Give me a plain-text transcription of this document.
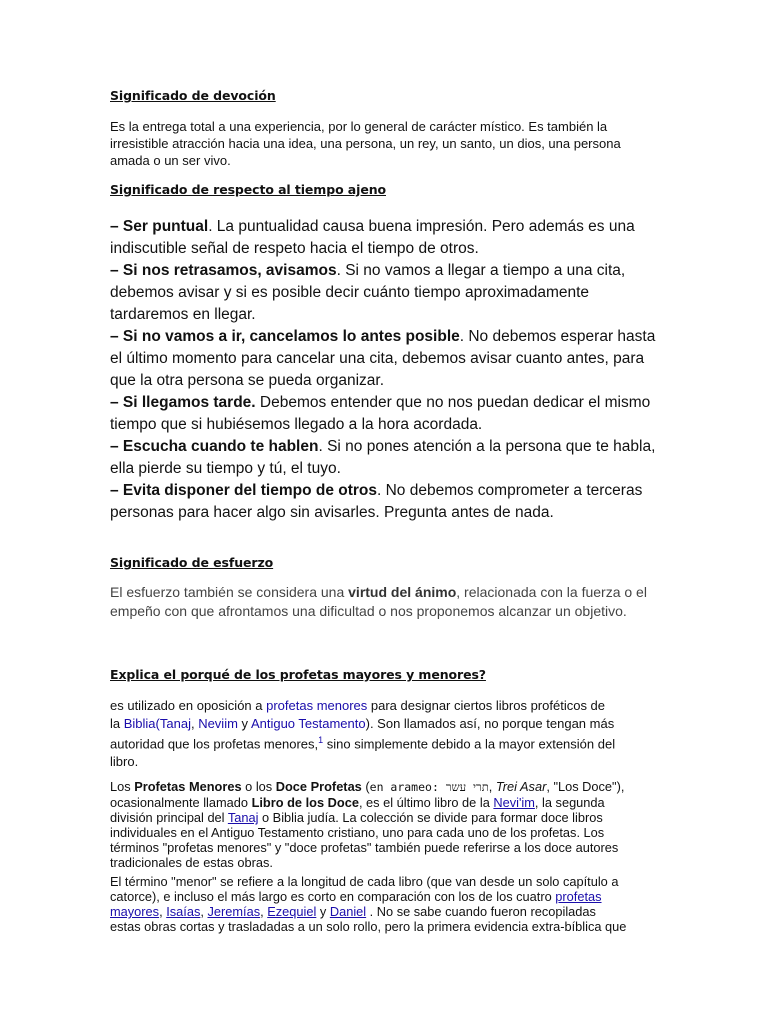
Significado de devoción
Es la entrega total a una experiencia, por lo general de carácter místico. Es también la
irresistible atracción hacia una idea, una persona, un rey, un santo, un dios, una persona
amada o un ser vivo.
Significado de respecto al tiempo ajeno
– Ser puntual. La puntualidad causa buena impresión. Pero además es una
indiscutible señal de respeto hacia el tiempo de otros.
– Si nos retrasamos, avisamos. Si no vamos a llegar a tiempo a una cita,
debemos avisar y si es posible decir cuánto tiempo aproximadamente
tardaremos en llegar.
– Si no vamos a ir, cancelamos lo antes posible. No debemos esperar hasta
el último momento para cancelar una cita, debemos avisar cuanto antes, para
que la otra persona se pueda organizar.
– Si llegamos tarde. Debemos entender que no nos puedan dedicar el mismo
tiempo que si hubiésemos llegado a la hora acordada.
– Escucha cuando te hablen. Si no pones atención a la persona que te habla,
ella pierde su tiempo y tú, el tuyo.
– Evita disponer del tiempo de otros. No debemos comprometer a terceras
personas para hacer algo sin avisarles. Pregunta antes de nada.
Significado de esfuerzo
El esfuerzo también se considera una virtud del ánimo, relacionada con la fuerza o el
empeño con que afrontamos una dificultad o nos proponemos alcanzar un objetivo.
Explica el porqué de los profetas mayores y menores?
es utilizado en oposición a profetas menores para designar ciertos libros proféticos de
la Biblia(Tanaj, Neviim y Antiguo Testamento). Son llamados así, no porque tengan más
autoridad que los profetas menores,$^1$ sino simplemente debido a la mayor extensión del
libro.
Los Profetas Menores o los Doce Profetas (en arameo: תרי עשר, Trei Asar, "Los Doce"),
ocasionalmente llamado Libro de los Doce, es el último libro de la Nevi'im, la segunda
división principal del Tanaj o Biblia judía. La colección se divide para formar doce libros
individuales en el Antiguo Testamento cristiano, uno para cada uno de los profetas. Los
términos "profetas menores" y "doce profetas" también puede referirse a los doce autores
tradicionales de estas obras.
El término "menor" se refiere a la longitud de cada libro (que van desde un solo capítulo a
catorce), e incluso el más largo es corto en comparación con los de los cuatro profetas
mayores, Isaías, Jeremías, Ezequiel y Daniel . No se sabe cuando fueron recopiladas
estas obras cortas y trasladadas a un solo rollo, pero la primera evidencia extra-bíblica que
